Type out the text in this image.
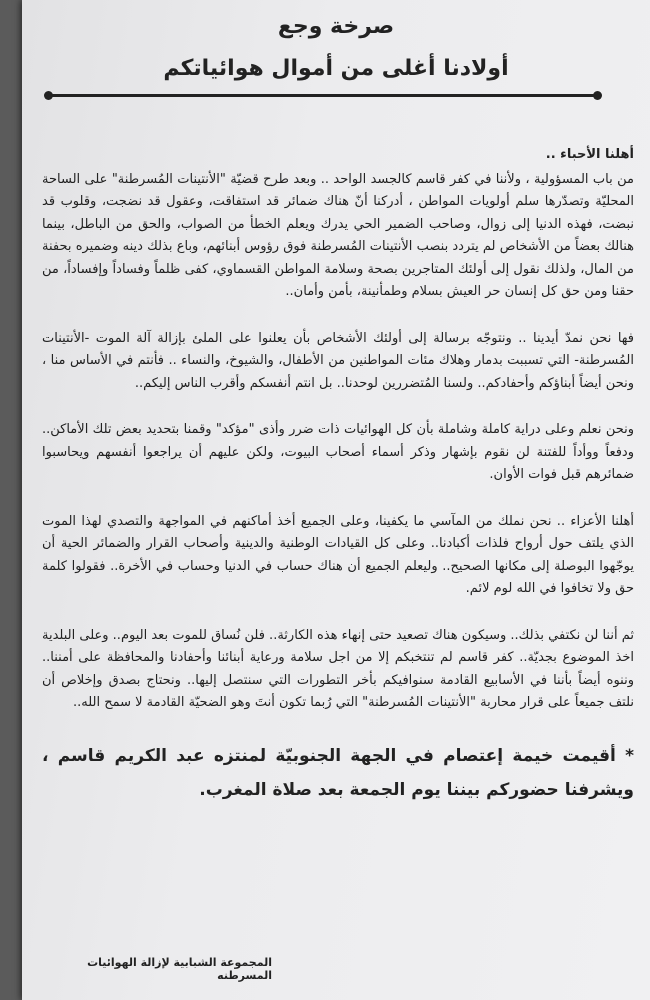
صرخة وجع
أولادنا أغلى من أموال هوائياتكم
أهلنا الأحباء ..

من باب المسؤولية ، ولأننا في كفر قاسم كالجسد الواحد .. وبعد طرح قضيّة "الأنتينات المُسرطنة" على الساحة المحليّة وتصدّرها سلم أولويات المواطن ، أدركنا أنّ هناك ضمائر قد استفاقت، وعقول قد نضجت، وقلوب قد نبضت، فهذه الدنيا إلى زوال، وصاحب الضمير الحي يدرك ويعلم الخطأ من الصواب، والحق من الباطل، بينما هنالك بعضاً من الأشخاص لم يتردد بنصب الأنتينات المُسرطنة فوق رؤوس أبنائهم، وباع بذلك دينه وضميره بحفنة من المال، ولذلك نقول إلى أولئك المتاجرين بصحة وسلامة المواطن القسماوي، كفى ظلماً وفساداً وإفساداً، من حقنا ومن حق كل إنسان حر العيش بسلام وطمأنينة، بأمن وأمان..

فها نحن نمدّ أيدينا .. ونتوجّه برسالة إلى أولئك الأشخاص بأن يعلنوا على الملئ بإزالة آلة الموت -الأنتينات المُسرطنة- التي تسببت بدمار وهلاك مئات المواطنين من الأطفال، والشيوخ، والنساء .. فأنتم في الأساس منا ، ونحن أيضاً أبناؤكم وأحفادكم.. ولسنا المُتضررين لوحدنا.. بل انتم أنفسكم وأقرب الناس إليكم..

ونحن نعلم وعلى دراية كاملة وشاملة بأن كل الهوائيات ذات ضرر وأذى "مؤكد" وقمنا بتحديد بعض تلك الأماكن.. ودفعاً ووأداً للفتنة لن نقوم بإشهار وذكر أسماء أصحاب البيوت، ولكن عليهم أن يراجعوا أنفسهم ويحاسبوا ضمائرهم قبل فوات الأوان.

أهلنا الأعزاء .. نحن نملك من المآسي ما يكفينا، وعلى الجميع أخذ أماكنهم في المواجهة والتصدي لهذا الموت الذي يلتف حول أرواح فلذات أكبادنا.. وعلى كل القيادات الوطنية والدينية وأصحاب القرار والضمائر الحية أن يوجّهوا البوصلة إلى مكانها الصحيح.. وليعلم الجميع أن هناك حساب في الدنيا وحساب في الأخرة.. فقولوا كلمة حق ولا تخافوا في الله لوم لائم.

ثم أننا لن نكتفي بذلك.. وسيكون هناك تصعيد حتى إنهاء هذه الكارثة.. فلن نُساق للموت بعد اليوم.. وعلى البلدية اخذ الموضوع بجديّة.. كفر قاسم لم تنتخبكم إلا من اجل سلامة ورعاية أبنائنا وأحفادنا والمحافظة على أمننا.. وننوه أيضاً بأننا في الأسابيع القادمة سنوافيكم بأخر التطورات التي سنتصل إليها.. ونحتاج بصدق وإخلاص أن نلتف جميعاً على قرار محاربة "الأنتينات المُسرطنة" التي رُبما تكون أنتَ وهو الضحيّة القادمة لا سمح الله..

* أقيمت خيمة إعتصام في الجهة الجنوبيّة لمنتزه عبد الكريم قاسم ، ويشرفنا حضوركم بيننا يوم الجمعة بعد صلاة المغرب.
المجموعة الشبابية لإزالة الهوائيات المسرطنه
